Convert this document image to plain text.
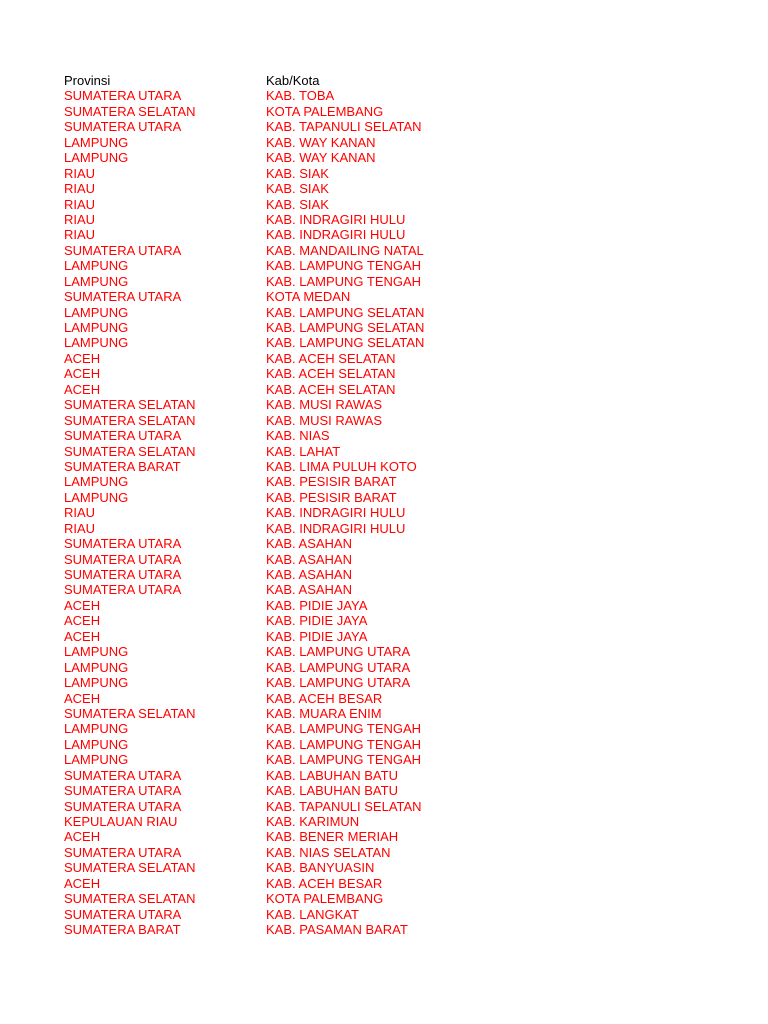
Provinsi	Kab/Kota
SUMATERA UTARA	KAB. TOBA
SUMATERA SELATAN	KOTA PALEMBANG
SUMATERA UTARA	KAB. TAPANULI SELATAN
LAMPUNG	KAB. WAY KANAN
LAMPUNG	KAB. WAY KANAN
RIAU	KAB. SIAK
RIAU	KAB. SIAK
RIAU	KAB. SIAK
RIAU	KAB. INDRAGIRI HULU
RIAU	KAB. INDRAGIRI HULU
SUMATERA UTARA	KAB. MANDAILING NATAL
LAMPUNG	KAB. LAMPUNG TENGAH
LAMPUNG	KAB. LAMPUNG TENGAH
SUMATERA UTARA	KOTA MEDAN
LAMPUNG	KAB. LAMPUNG SELATAN
LAMPUNG	KAB. LAMPUNG SELATAN
LAMPUNG	KAB. LAMPUNG SELATAN
ACEH	KAB. ACEH SELATAN
ACEH	KAB. ACEH SELATAN
ACEH	KAB. ACEH SELATAN
SUMATERA SELATAN	KAB. MUSI RAWAS
SUMATERA SELATAN	KAB. MUSI RAWAS
SUMATERA UTARA	KAB. NIAS
SUMATERA SELATAN	KAB. LAHAT
SUMATERA BARAT	KAB. LIMA PULUH KOTO
LAMPUNG	KAB. PESISIR BARAT
LAMPUNG	KAB. PESISIR BARAT
RIAU	KAB. INDRAGIRI HULU
RIAU	KAB. INDRAGIRI HULU
SUMATERA UTARA	KAB. ASAHAN
SUMATERA UTARA	KAB. ASAHAN
SUMATERA UTARA	KAB. ASAHAN
SUMATERA UTARA	KAB. ASAHAN
ACEH	KAB. PIDIE JAYA
ACEH	KAB. PIDIE JAYA
ACEH	KAB. PIDIE JAYA
LAMPUNG	KAB. LAMPUNG UTARA
LAMPUNG	KAB. LAMPUNG UTARA
LAMPUNG	KAB. LAMPUNG UTARA
ACEH	KAB. ACEH BESAR
SUMATERA SELATAN	KAB. MUARA ENIM
LAMPUNG	KAB. LAMPUNG TENGAH
LAMPUNG	KAB. LAMPUNG TENGAH
LAMPUNG	KAB. LAMPUNG TENGAH
SUMATERA UTARA	KAB. LABUHAN BATU
SUMATERA UTARA	KAB. LABUHAN BATU
SUMATERA UTARA	KAB. TAPANULI SELATAN
KEPULAUAN RIAU	KAB. KARIMUN
ACEH	KAB. BENER MERIAH
SUMATERA UTARA	KAB. NIAS SELATAN
SUMATERA SELATAN	KAB. BANYUASIN
ACEH	KAB. ACEH BESAR
SUMATERA SELATAN	KOTA PALEMBANG
SUMATERA UTARA	KAB. LANGKAT
SUMATERA BARAT	KAB. PASAMAN BARAT
